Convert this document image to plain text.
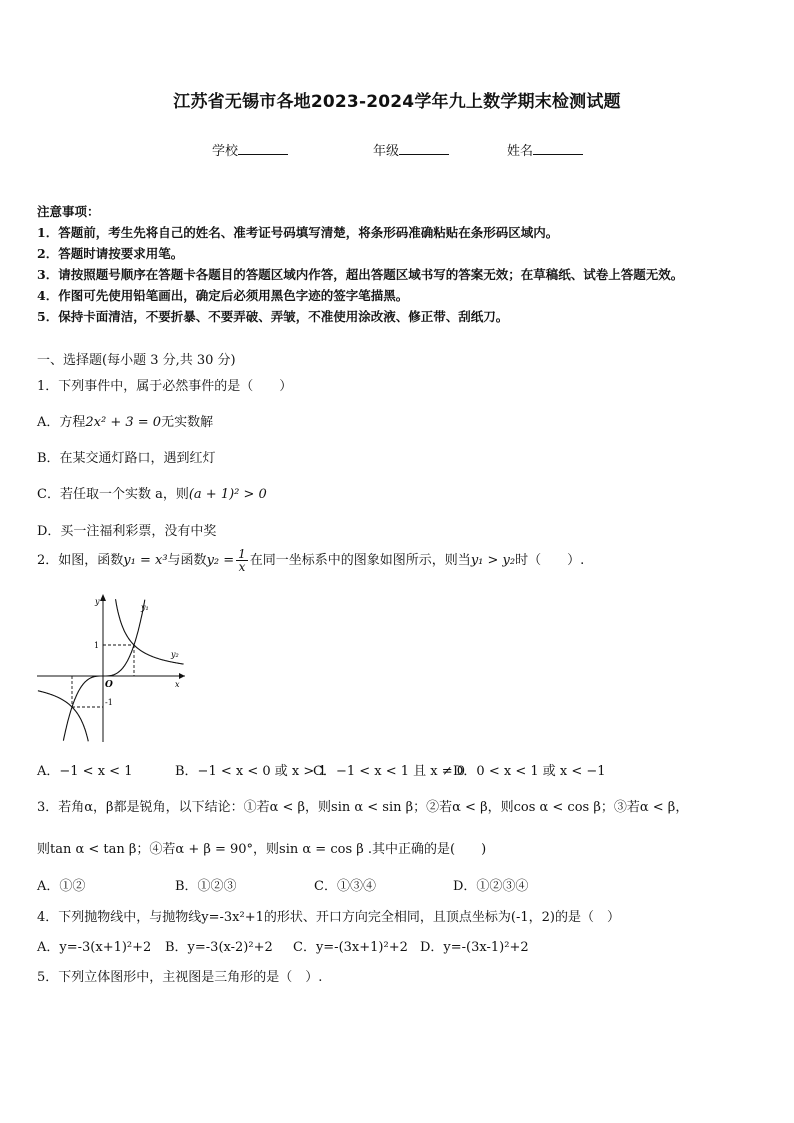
江苏省无锡市各地2023-2024学年九上数学期末检测试题
学校	年级	姓名
注意事项：
1．答题前，考生先将自己的姓名、准考证号码填写清楚，将条形码准确粘贴在条形码区域内。
2．答题时请按要求用笔。
3．请按照题号顺序在答题卡各题目的答题区域内作答，超出答题区域书写的答案无效；在草稿纸、试卷上答题无效。
4．作图可先使用铅笔画出，确定后必须用黑色字迹的签字笔描黑。
5．保持卡面清洁，不要折暴、不要弄破、弄皱，不准使用涂改液、修正带、刮纸刀。
一、选择题(每小题 3 分,共 30 分)
1．下列事件中，属于必然事件的是（　　）
A．方程2x² + 3 = 0无实数解
B．在某交通灯路口，遇到红灯
C．若任取一个实数 a，则(a + 1)² > 0
D．买一注福利彩票，没有中奖
2．如图，函数y₁ = x³与函数$y_2 = \frac{1}{x}$ 在同一坐标系中的图象如图所示，则当y₁ > y₂时（　　）.
y
x
O
1
-1
y₁
y₂
A．−1 < x < 1	B．−1 < x < 0 或 x > 1
C．−1 < x < 1 且 x ≠ 0
D．0 < x < 1 或 x < −1
3．若角α，β都是锐角，以下结论：①若α < β，则sin α < sin β；②若α < β，则cos α < cos β；③若α < β，
则tan α < tan β；④若α + β = 90°，则sin α = cos β .其中正确的是(　　)
A．①②	B．①②③	C．①③④	D．①②③④
4．下列抛物线中，与抛物线y=-3x²+1的形状、开口方向完全相同，且顶点坐标为(-1，2)的是（　）
A．y=-3(x+1)²+2 B．y=-3(x-2)²+2 C．y=-(3x+1)²+2 D．y=-(3x-1)²+2
5．下列立体图形中，主视图是三角形的是（　）.
